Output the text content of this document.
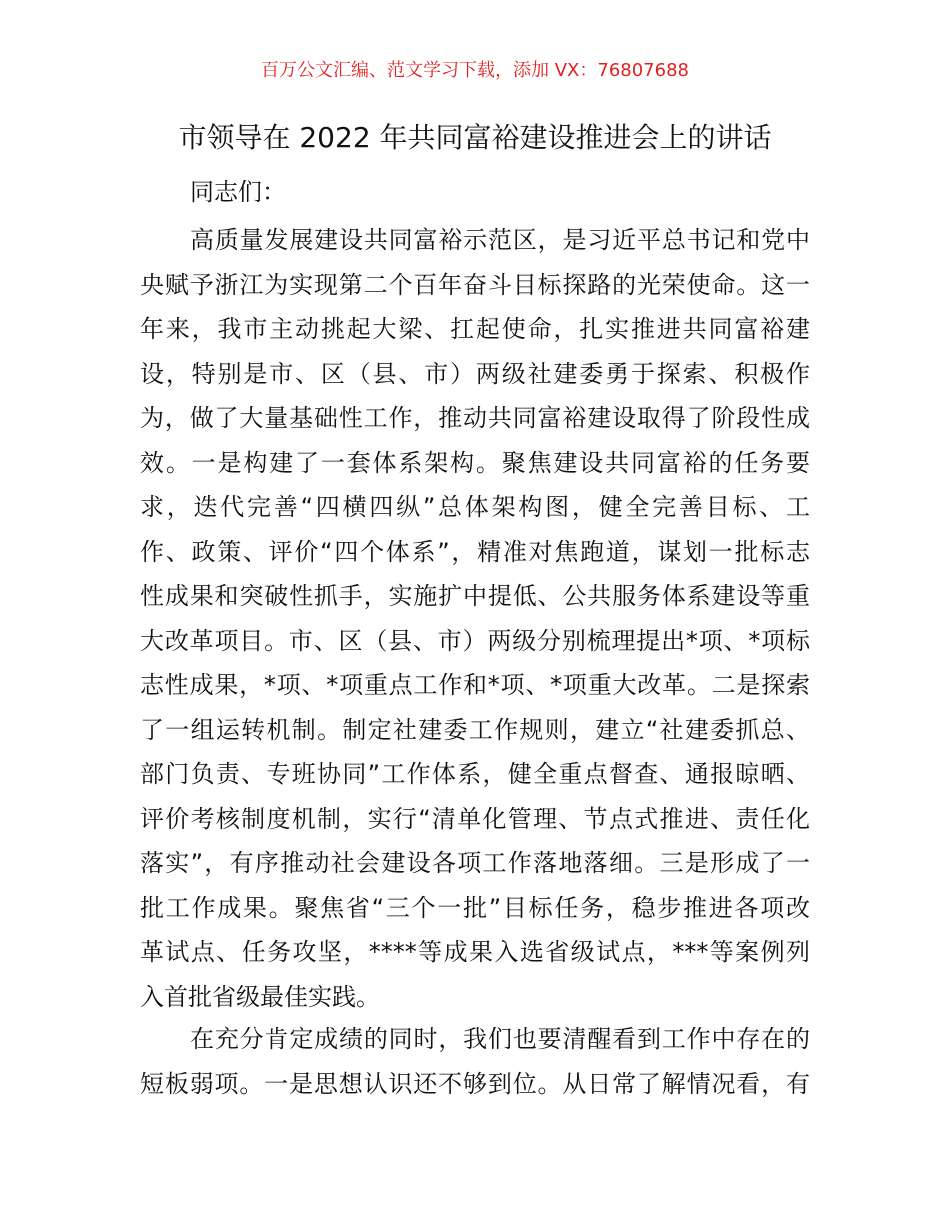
百万公文汇编、范文学习下载，添加 VX：76807688
市领导在 2022 年共同富裕建设推进会上的讲话
同志们：
高质量发展建设共同富裕示范区，是习近平总书记和党中
央赋予浙江为实现第二个百年奋斗目标探路的光荣使命。这一
年来，我市主动挑起大梁、扛起使命，扎实推进共同富裕建
设，特别是市、区（县、市）两级社建委勇于探索、积极作
为，做了大量基础性工作，推动共同富裕建设取得了阶段性成
效。一是构建了一套体系架构。聚焦建设共同富裕的任务要
求，迭代完善“四横四纵”总体架构图，健全完善目标、工
作、政策、评价“四个体系”，精准对焦跑道，谋划一批标志
性成果和突破性抓手，实施扩中提低、公共服务体系建设等重
大改革项目。市、区（县、市）两级分别梳理提出*项、*项标
志性成果，*项、*项重点工作和*项、*项重大改革。二是探索
了一组运转机制。制定社建委工作规则，建立“社建委抓总、
部门负责、专班协同”工作体系，健全重点督查、通报晾晒、
评价考核制度机制，实行“清单化管理、节点式推进、责任化
落实”，有序推动社会建设各项工作落地落细。三是形成了一
批工作成果。聚焦省“三个一批”目标任务，稳步推进各项改
革试点、任务攻坚，****等成果入选省级试点，***等案例列
入首批省级最佳实践。
在充分肯定成绩的同时，我们也要清醒看到工作中存在的
短板弱项。一是思想认识还不够到位。从日常了解情况看，有
